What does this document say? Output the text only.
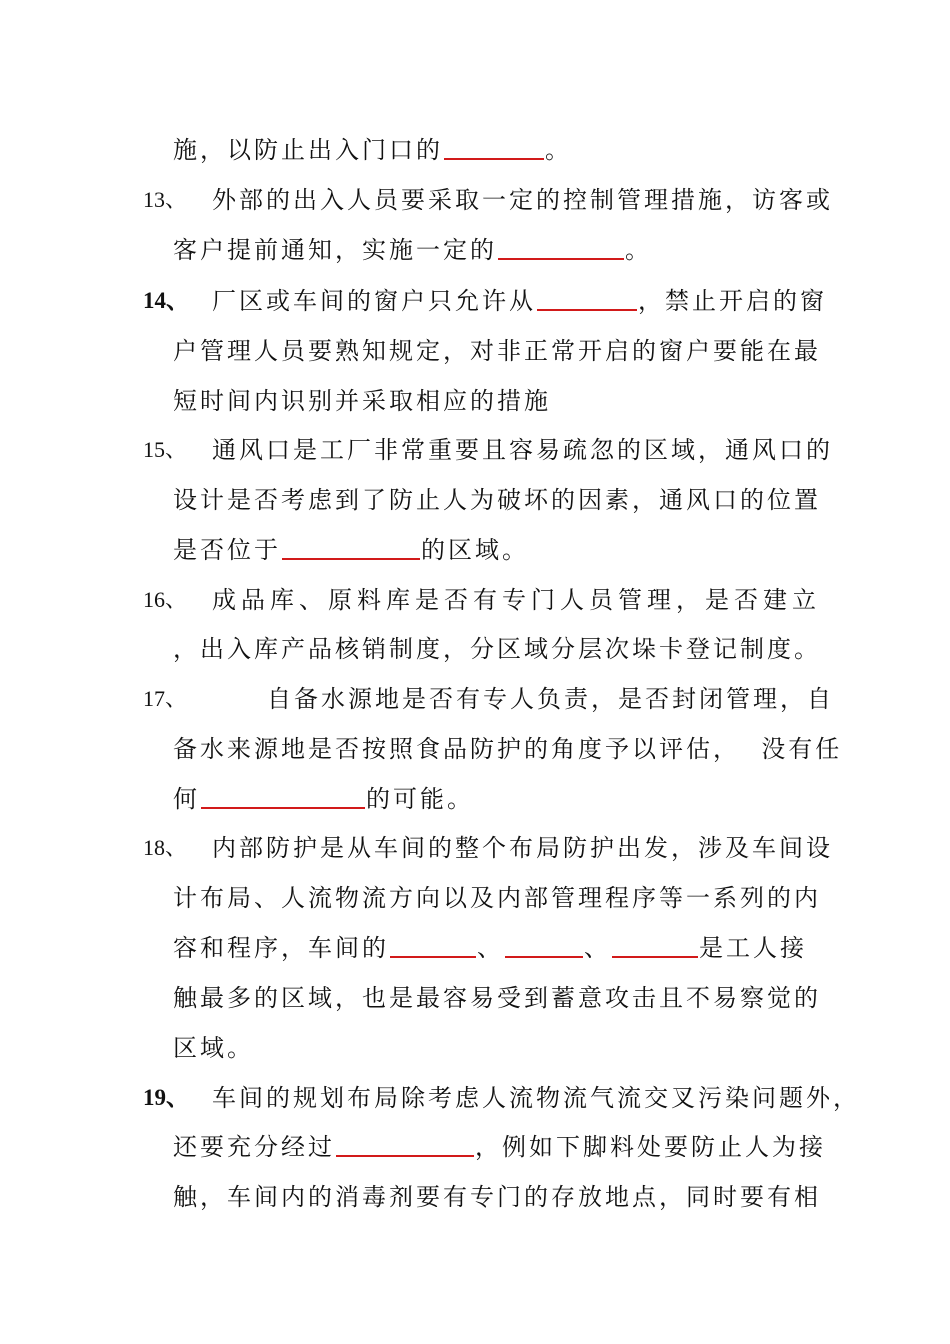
施，以防止出入门口的	。
13、 外部的出入人员要采取一定的控制管理措施，访客或
客户提前通知，实施一定的	。
14、 厂区或车间的窗户只允许从	，禁止开启的窗
户管理人员要熟知规定，对非正常开启的窗户要能在最
短时间内识别并采取相应的措施
15、 通风口是工厂非常重要且容易疏忽的区域，通风口的
设计是否考虑到了防止人为破坏的因素，通风口的位置
是否位于	的区域。
16、 成品库、原料库是否有专门人员管理，是否建立
，出入库产品核销制度，分区域分层次垛卡登记制度。
17、	自备水源地是否有专人负责，是否封闭管理，自
备水来源地是否按照食品防护的角度予以评估，  没有任
何	的可能。
18、 内部防护是从车间的整个布局防护出发，涉及车间设
计布局、人流物流方向以及内部管理程序等一系列的内
容和程序，车间的	、	、	是工人接
触最多的区域，也是最容易受到蓄意攻击且不易察觉的
区域。
19、 车间的规划布局除考虑人流物流气流交叉污染问题外，
还要充分经过	，例如下脚料处要防止人为接
触，车间内的消毒剂要有专门的存放地点，同时要有相
